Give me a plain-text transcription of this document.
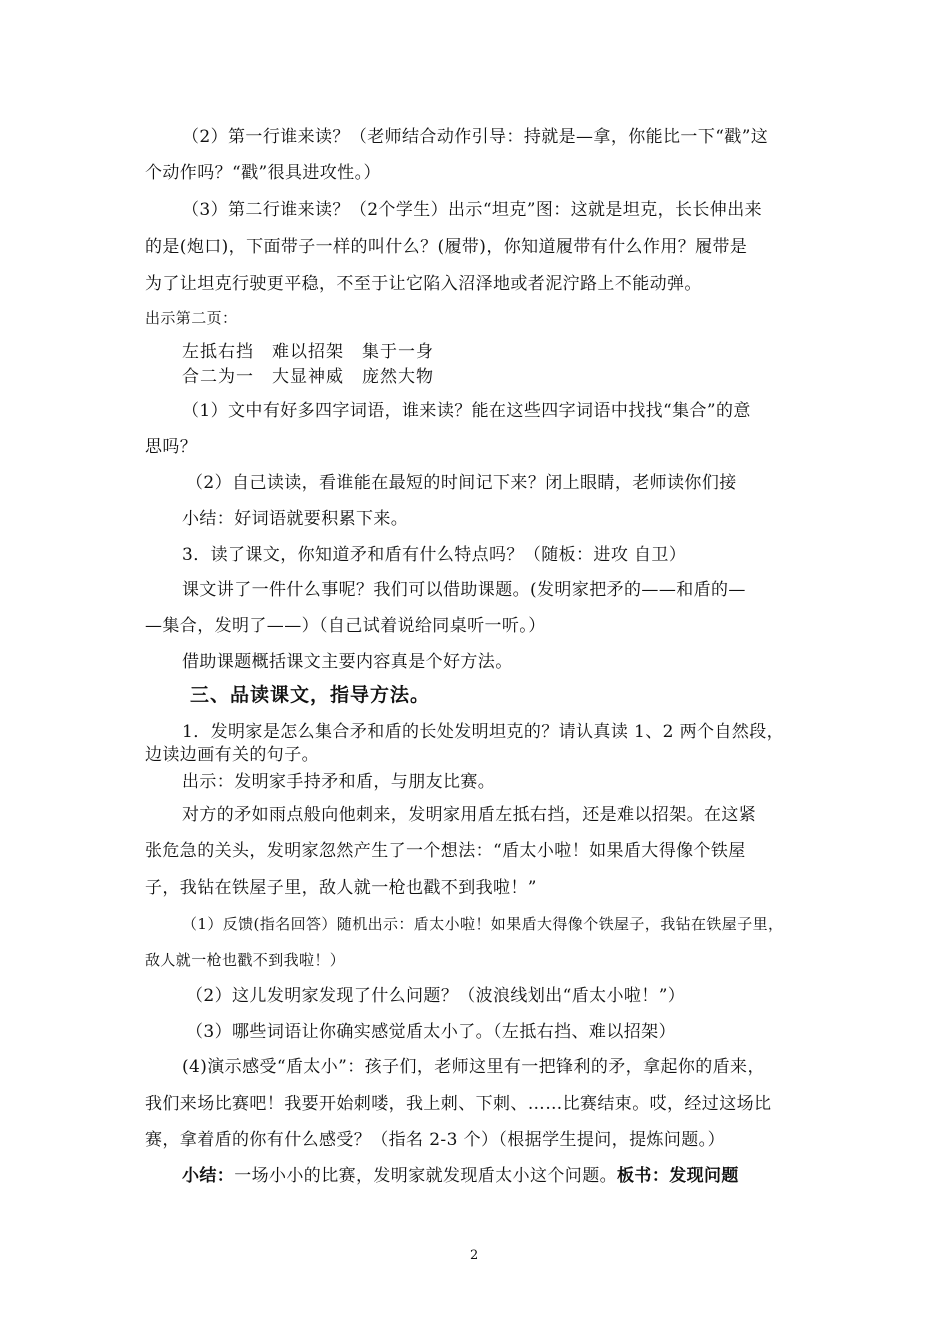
（2）第一行谁来读？（老师结合动作引导：持就是—拿，你能比一下“戳”这
个动作吗？“戳”很具进攻性。）
（3）第二行谁来读？（2个学生）出示“坦克”图：这就是坦克，长长伸出来
的是(炮口)，下面带子一样的叫什么？(履带)，你知道履带有什么作用？履带是
为了让坦克行驶更平稳，不至于让它陷入沼泽地或者泥泞路上不能动弹。
出示第二页：
左抵右挡　难以招架　集于一身
合二为一　大显神威　庞然大物
（1）文中有好多四字词语，谁来读？能在这些四字词语中找找“集合”的意
思吗？
（2）自己读读，看谁能在最短的时间记下来？闭上眼睛，老师读你们接
小结：好词语就要积累下来。
3．读了课文，你知道矛和盾有什么特点吗？（随板：进攻 自卫）
课文讲了一件什么事呢？我们可以借助课题。(发明家把矛的——和盾的—
—集合，发明了——）（自己试着说给同桌听一听。）
借助课题概括课文主要内容真是个好方法。
三、品读课文，指导方法。
1．发明家是怎么集合矛和盾的长处发明坦克的？请认真读 1、2 两个自然段，
边读边画有关的句子。
出示：发明家手持矛和盾，与朋友比赛。
对方的矛如雨点般向他刺来，发明家用盾左抵右挡，还是难以招架。在这紧
张危急的关头，发明家忽然产生了一个想法：“盾太小啦！如果盾大得像个铁屋
子，我钻在铁屋子里，敌人就一枪也戳不到我啦！”
（1）反馈(指名回答）随机出示：盾太小啦！如果盾大得像个铁屋子，我钻在铁屋子里，
敌人就一枪也戳不到我啦！）
（2）这儿发明家发现了什么问题？（波浪线划出“盾太小啦！”）
（3）哪些词语让你确实感觉盾太小了。（左抵右挡、难以招架）
(4)演示感受“盾太小”：孩子们，老师这里有一把锋利的矛，拿起你的盾来，
我们来场比赛吧！我要开始刺喽，我上刺、下刺、……比赛结束。哎，经过这场比
赛，拿着盾的你有什么感受？（指名 2-3 个）（根据学生提问，提炼问题。）
小结：一场小小的比赛，发明家就发现盾太小这个问题。板书：发现问题
2
